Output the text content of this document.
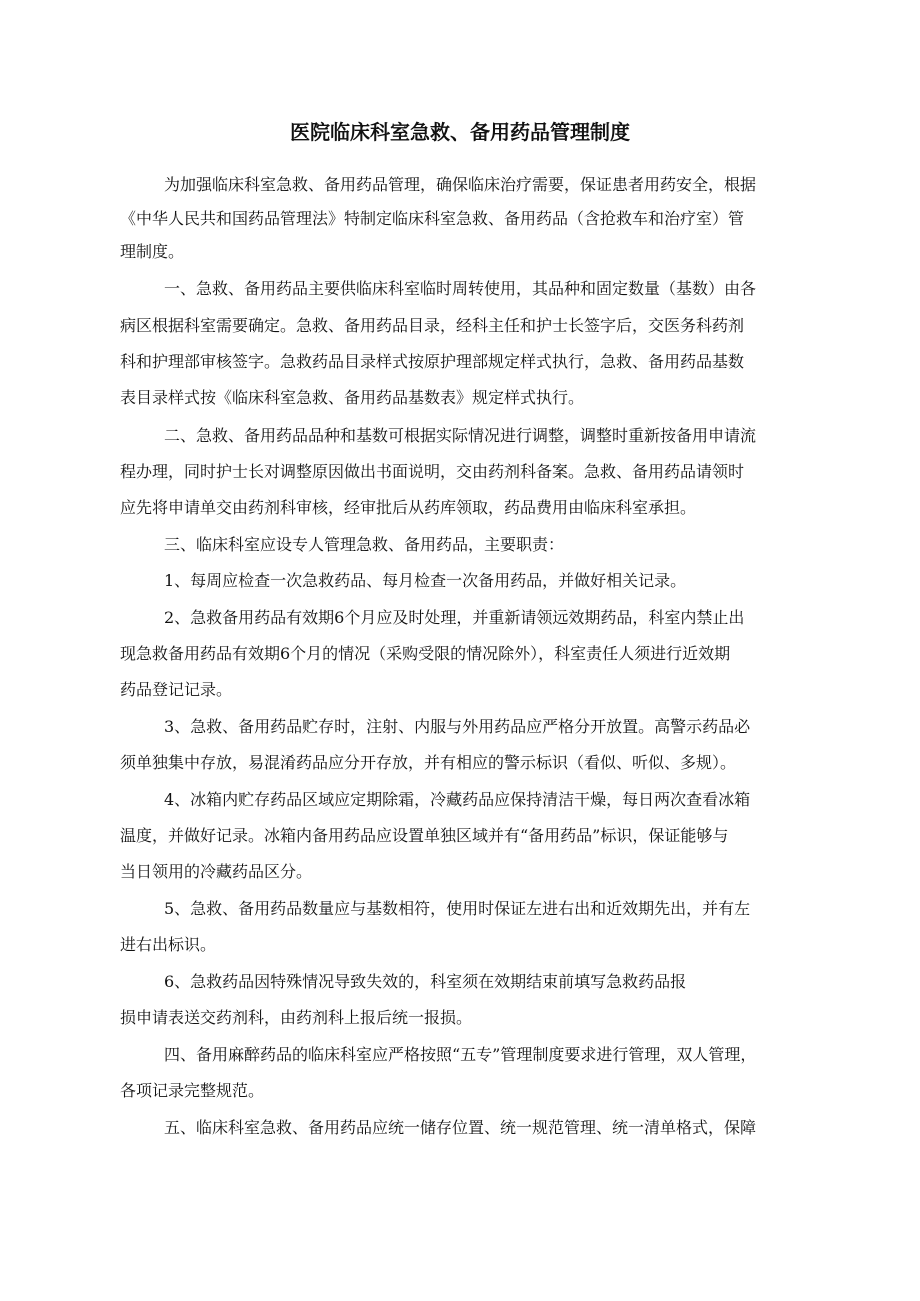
医院临床科室急救、备用药品管理制度
为加强临床科室急救、备用药品管理，确保临床治疗需要，保证患者用药安全，根据
《中华人民共和国药品管理法》特制定临床科室急救、备用药品（含抢救车和治疗室）管
理制度。
一、急救、备用药品主要供临床科室临时周转使用，其品种和固定数量（基数）由各
病区根据科室需要确定。急救、备用药品目录，经科主任和护士长签字后，交医务科药剂
科和护理部审核签字。急救药品目录样式按原护理部规定样式执行，急救、备用药品基数
表目录样式按《临床科室急救、备用药品基数表》规定样式执行。
二、急救、备用药品品种和基数可根据实际情况进行调整，调整时重新按备用申请流
程办理，同时护士长对调整原因做出书面说明，交由药剂科备案。急救、备用药品请领时
应先将申请单交由药剂科审核，经审批后从药库领取，药品费用由临床科室承担。
三、临床科室应设专人管理急救、备用药品，主要职责：
1、每周应检查一次急救药品、每月检查一次备用药品，并做好相关记录。
2、急救备用药品有效期6个月应及时处理，并重新请领远效期药品，科室内禁止出
现急救备用药品有效期6个月的情况（采购受限的情况除外），科室责任人须进行近效期
药品登记记录。
3、急救、备用药品贮存时，注射、内服与外用药品应严格分开放置。高警示药品必
须单独集中存放，易混淆药品应分开存放，并有相应的警示标识（看似、听似、多规）。
4、冰箱内贮存药品区域应定期除霜，冷藏药品应保持清洁干燥，每日两次查看冰箱
温度，并做好记录。冰箱内备用药品应设置单独区域并有“备用药品”标识，保证能够与
当日领用的冷藏药品区分。
5、急救、备用药品数量应与基数相符，使用时保证左进右出和近效期先出，并有左
进右出标识。
6、急救药品因特殊情况导致失效的，科室须在效期结束前填写急救药品报
损申请表送交药剂科，由药剂科上报后统一报损。
四、备用麻醉药品的临床科室应严格按照“五专”管理制度要求进行管理，双人管理，
各项记录完整规范。
五、临床科室急救、备用药品应统一储存位置、统一规范管理、统一清单格式，保障
